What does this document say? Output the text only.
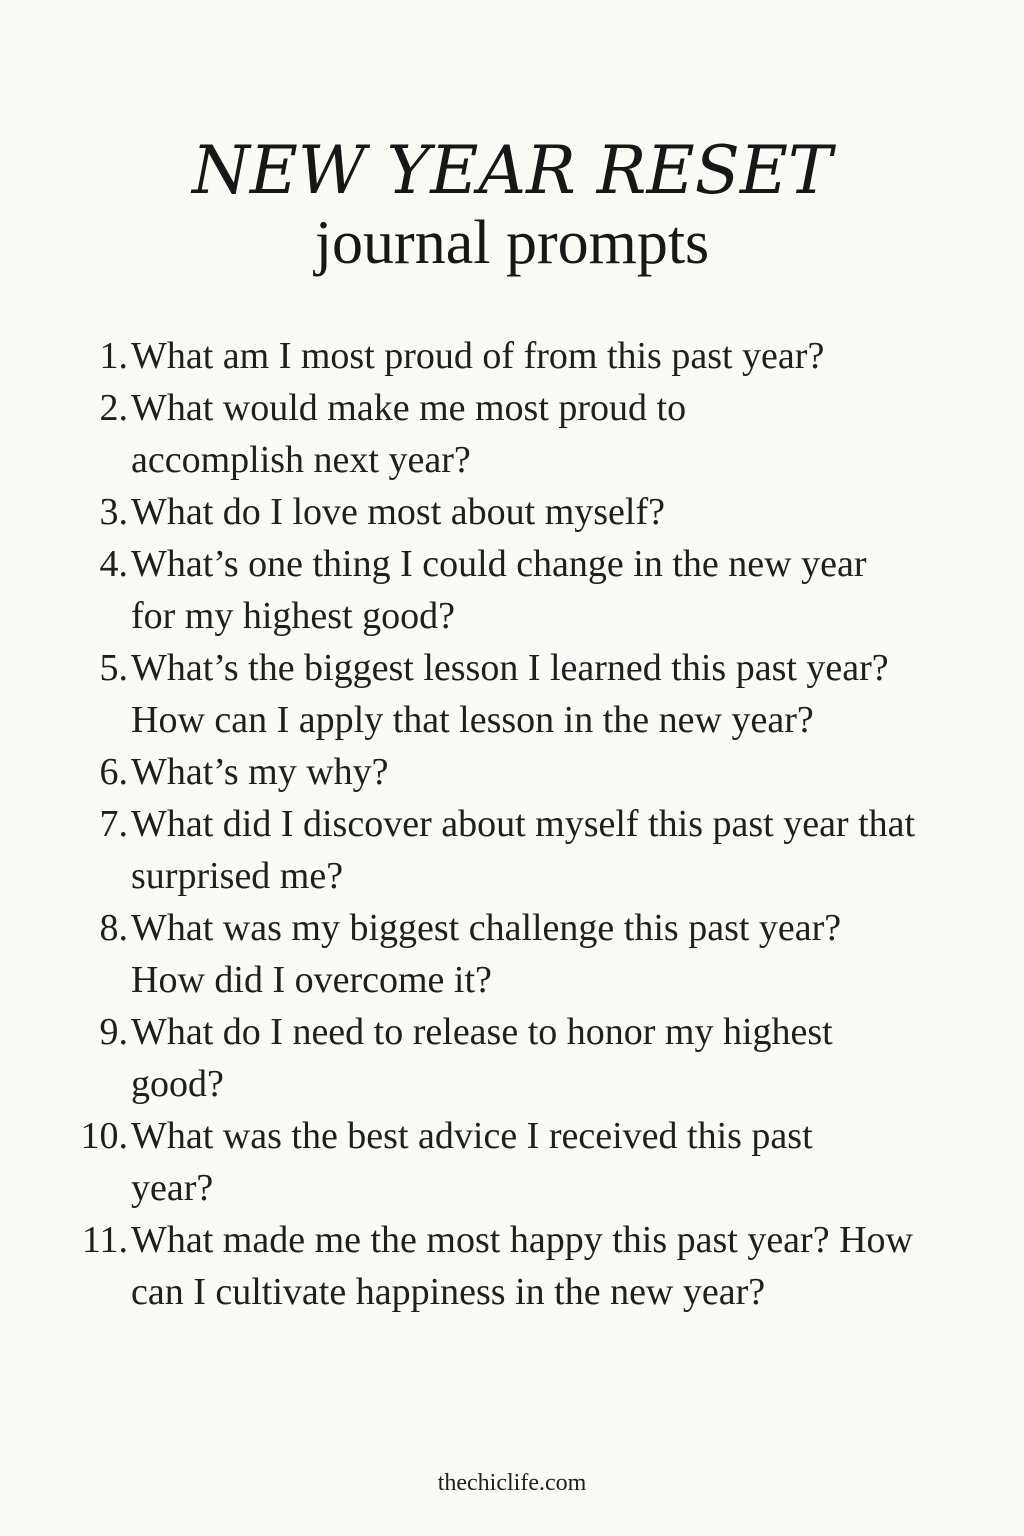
NEW YEAR RESET
journal prompts
1. What am I most proud of from this past year?
2. What would make me most proud to accomplish next year?
3. What do I love most about myself?
4. What’s one thing I could change in the new year for my highest good?
5. What’s the biggest lesson I learned this past year? How can I apply that lesson in the new year?
6. What’s my why?
7. What did I discover about myself this past year that surprised me?
8. What was my biggest challenge this past year? How did I overcome it?
9. What do I need to release to honor my highest good?
10. What was the best advice I received this past year?
11. What made me the most happy this past year? How can I cultivate happiness in the new year?
thechiclife.com
